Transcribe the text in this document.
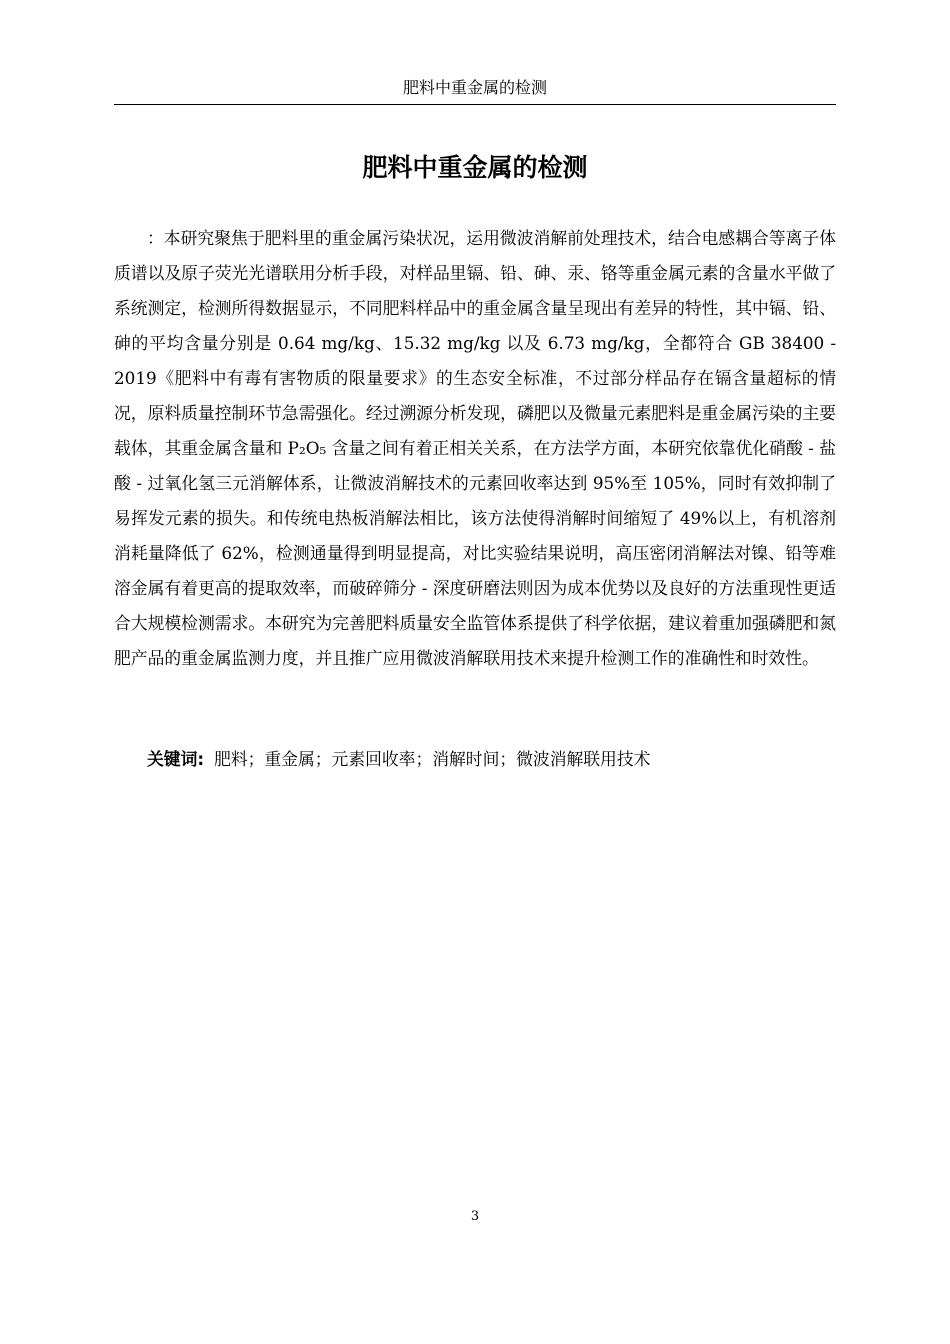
肥料中重金属的检测
肥料中重金属的检测

：本研究聚焦于肥料里的重金属污染状况，运用微波消解前处理技术，结合电感耦合等离子体质谱以及原子荧光光谱联用分析手段，对样品里镉、铅、砷、汞、铬等重金属元素的含量水平做了系统测定，检测所得数据显示，不同肥料样品中的重金属含量呈现出有差异的特性，其中镉、铅、砷的平均含量分别是 0.64 mg/kg、15.32 mg/kg 以及 6.73 mg/kg，全都符合 GB 38400 - 2019《肥料中有毒有害物质的限量要求》的生态安全标准，不过部分样品存在镉含量超标的情况，原料质量控制环节急需强化。经过溯源分析发现，磷肥以及微量元素肥料是重金属污染的主要载体，其重金属含量和 P₂O₅ 含量之间有着正相关关系，在方法学方面，本研究依靠优化硝酸 - 盐酸 - 过氧化氢三元消解体系，让微波消解技术的元素回收率达到 95%至 105%，同时有效抑制了易挥发元素的损失。和传统电热板消解法相比，该方法使得消解时间缩短了 49%以上，有机溶剂消耗量降低了 62%，检测通量得到明显提高，对比实验结果说明，高压密闭消解法对镍、铅等难溶金属有着更高的提取效率，而破碎筛分 - 深度研磨法则因为成本优势以及良好的方法重现性更适合大规模检测需求。本研究为完善肥料质量安全监管体系提供了科学依据，建议着重加强磷肥和氮肥产品的重金属监测力度，并且推广应用微波消解联用技术来提升检测工作的准确性和时效性。

关键词: 肥料；重金属；元素回收率；消解时间；微波消解联用技术
3
